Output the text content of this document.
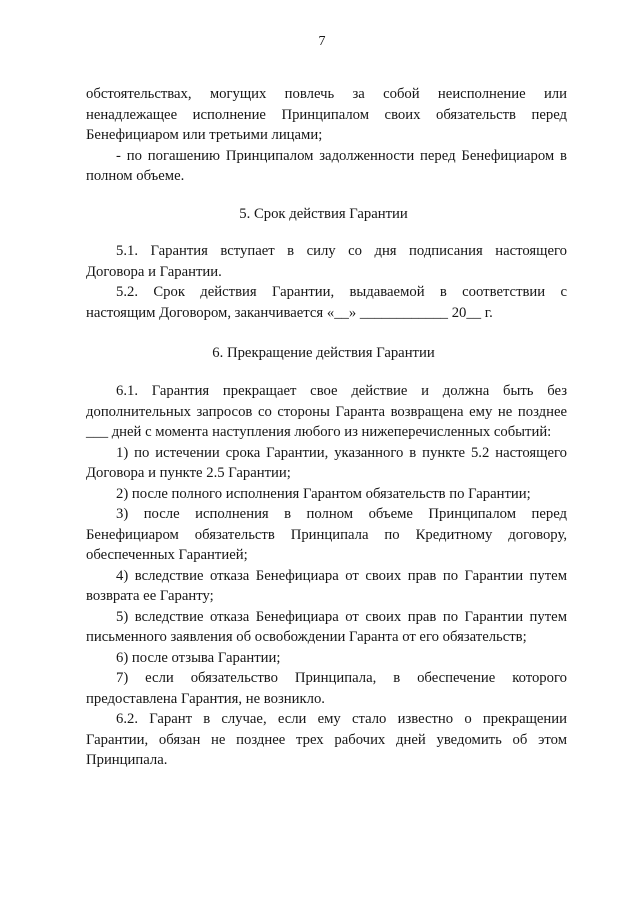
7
обстоятельствах, могущих повлечь за собой неисполнение или
ненадлежащее исполнение Принципалом своих обязательств перед
Бенефициаром или третьими лицами;
- по погашению Принципалом задолженности перед Бенефициаром в
полном объеме.
5. Срок действия Гарантии
5.1. Гарантия вступает в силу со дня подписания настоящего
Договора и Гарантии.
5.2. Срок действия Гарантии, выдаваемой в соответствии с
настоящим Договором, заканчивается «__» ____________ 20__ г.
6. Прекращение действия Гарантии
6.1. Гарантия прекращает свое действие и должна быть без
дополнительных запросов со стороны Гаранта возвращена ему не позднее
___ дней с момента наступления любого из нижеперечисленных событий:
1) по истечении срока Гарантии, указанного в пункте 5.2 настоящего
Договора и пункте 2.5 Гарантии;
2) после полного исполнения Гарантом обязательств по Гарантии;
3) после исполнения в полном объеме Принципалом перед
Бенефициаром обязательств Принципала по Кредитному договору,
обеспеченных Гарантией;
4) вследствие отказа Бенефициара от своих прав по Гарантии путем
возврата ее Гаранту;
5) вследствие отказа Бенефициара от своих прав по Гарантии путем
письменного заявления об освобождении Гаранта от его обязательств;
6) после отзыва Гарантии;
7) если обязательство Принципала, в обеспечение которого
предоставлена Гарантия, не возникло.
6.2. Гарант в случае, если ему стало известно о прекращении
Гарантии, обязан не позднее трех рабочих дней уведомить об этом
Принципала.
